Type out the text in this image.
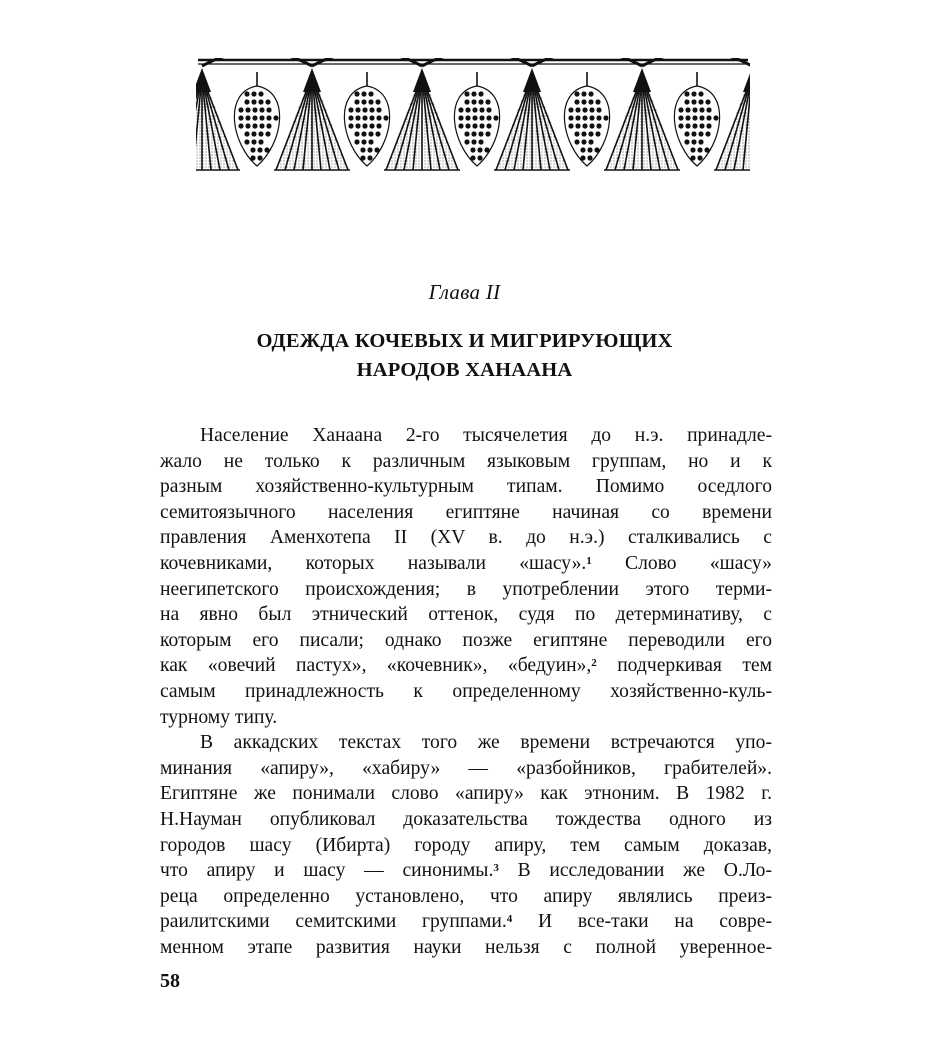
Глава II
ОДЕЖДА КОЧЕВЫХ И МИГРИРУЮЩИХ
НАРОДОВ ХАНААНА
Население Ханаана 2-го тысячелетия до н.э. принадле-
жало не только к различным языковым группам, но и к
разным хозяйственно-культурным типам. Помимо оседлого
семитоязычного населения египтяне начиная со времени
правления Аменхотепа II (XV в. до н.э.) сталкивались с
кочевниками, которых называли «шасу».$^1$ Слово «шасу»
неегипетского происхождения; в употреблении этого терми-
на явно был этнический оттенок, судя по детерминативу, с
которым его писали; однако позже египтяне переводили его
как «овечий пастух», «кочевник», «бедуин»,$^2$ подчеркивая тем
самым принадлежность к определенному хозяйственно-куль-
турному типу.
В аккадских текстах того же времени встречаются упо-
минания «апиру», «хабиру» — «разбойников, грабителей».
Египтяне же понимали слово «апиру» как этноним. В 1982 г.
Н.Науман опубликовал доказательства тождества одного из
городов шасу (Ибирта) городу апиру, тем самым доказав,
что апиру и шасу — синонимы.$^3$ В исследовании же О.Ло-
реца определенно установлено, что апиру являлись преиз-
раилитскими семитскими группами.$^4$ И все-таки на совре-
менном этапе развития науки нельзя с полной уверенное-
58
